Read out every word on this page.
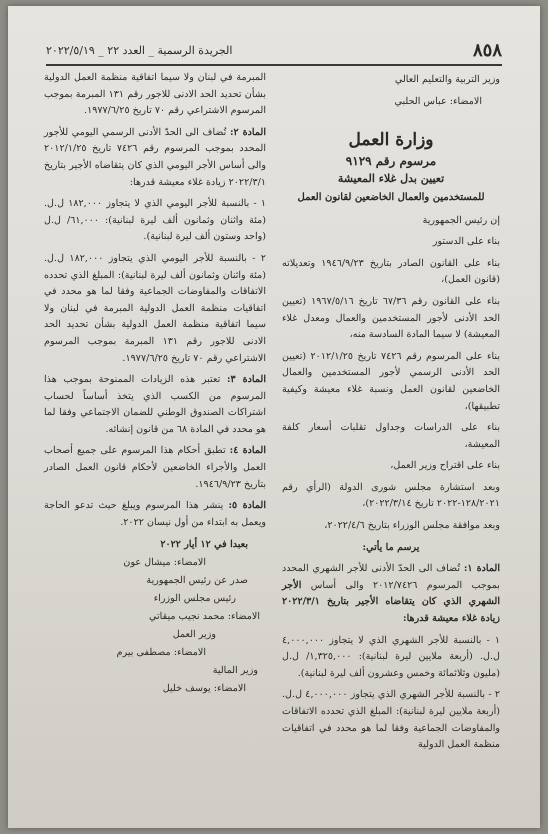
٨٥٨
الجريدة الرسمية _ العدد ٢٢ _ ٢٠٢٢/٥/١٩

وزير التربية والتعليم العالي

الامضاء: عباس الحلبي

وزارة العمل
مرسوم رقم ٩١٢٩
تعيين بدل غلاء المعيشة
للمستخدمين والعمال الخاضعين لقانون العمل

إن رئيس الجمهورية

بناء على الدستور

بناء على القانون الصادر بتاريخ ١٩٤٦/٩/٢٣ وتعديلاته (قانون العمل)،

بناء على القانون رقم ٦٧/٣٦ تاريخ ١٩٦٧/٥/١٦ (تعيين الحد الأدنى لأجور المستخدمين والعمال ومعدل غلاء المعيشة) لا سيما المادة السادسة منه،

بناء على المرسوم رقم ٧٤٢٦ تاريخ ٢٠١٢/١/٢٥ (تعيين الحد الأدنى الرسمي لأجور المستخدمين والعمال الخاضعين لقانون العمل ونسبة غلاء معيشة وكيفية تطبيقها)،

بناء على الدراسات وجداول تقلبات أسعار كلفة المعيشة،

بناء على اقتراح وزير العمل،

وبعد استشارة مجلس شورى الدولة (الرأي رقم ١٢٨/٢٠٢١-٢٠٢٢ تاريخ ٢٠٢٢/٣/١٤)،

وبعد موافقة مجلس الوزراء بتاريخ ٢٠٢٢/٤/٦،

يرسم ما يأتي:

المادة ١: تُضاف الى الحدّ الأدنى للأجر الشهري المحدد بموجب المرسوم ٢٠١٢/٧٤٢٦ والى أساس الأجر الشهري الذي كان يتقاضاه الأجير بتاريخ ٢٠٢٢/٣/١ زيادة غلاء معيشة قدرها:

١ - بالنسبة للأجر الشهري الذي لا يتجاوز ٤,٠٠٠,٠٠٠ ل.ل. (أربعة ملايين ليرة لبنانية): ١,٣٢٥,٠٠٠/ ل.ل (مليون وثلاثمائة وخمس وعشرون ألف ليرة لبنانية).

٢ - بالنسبة للأجر الشهري الذي يتجاوز ٤,٠٠٠,٠٠٠ ل.ل. (أربعة ملايين ليرة لبنانية): المبلغ الذي تحدده الاتفاقات والمفاوضات الجماعية وفقا لما هو محدد في اتفاقيات منظمة العمل الدولية

المبرمة في لبنان ولا سيما اتفاقية منظمة العمل الدولية بشأن تحديد الحد الادنى للاجور رقم ١٣١ المبرمة بموجب المرسوم الاشتراعي رقم ٧٠ تاريخ ١٩٧٧/٦/٢٥.

المادة ٢: تُضاف الى الحدّ الأدنى الرسمي اليومي للأجور المحدد بموجب المرسوم رقم ٧٤٢٦ تاريخ ٢٠١٢/١/٢٥ والى أساس الأجر اليومي الذي كان يتقاضاه الأجير بتاريخ ٢٠٢٢/٣/١ زيادة غلاء معيشة قدرها:

١ - بالنسبة للأجر اليومي الذي لا يتجاوز ١٨٢,٠٠٠ ل.ل. (مئة واثنان وثمانون ألف ليرة لبنانية): ٦١,٠٠٠/ ل.ل (واحد وستون ألف ليرة لبنانية).

٢ - بالنسبة للأجر اليومي الذي يتجاوز ١٨٢,٠٠٠ ل.ل. (مئة واثنان وثمانون ألف ليرة لبنانية): المبلغ الذي تحدده الاتفاقات والمفاوضات الجماعية وفقا لما هو محدد في اتفاقيات منظمة العمل الدولية المبرمة في لبنان ولا سيما اتفاقية منظمة العمل الدولية بشأن تحديد الحد الادنى للاجور رقم ١٣١ المبرمة بموجب المرسوم الاشتراعي رقم ٧٠ تاريخ ١٩٧٧/٦/٢٥.

المادة ٣: تعتبر هذه الزيادات الممنوحة بموجب هذا المرسوم من الكسب الذي يتخذ أساساً لحساب اشتراكات الصندوق الوطني للضمان الاجتماعي وفقا لما هو محدد في المادة ٦٨ من قانون إنشائه.

المادة ٤: تطبق أحكام هذا المرسوم على جميع أصحاب العمل والأجراء الخاضعين لأحكام قانون العمل الصادر بتاريخ ١٩٤٦/٩/٢٣.

المادة ٥: ينشر هذا المرسوم ويبلغ حيث تدعو الحاجة ويعمل به ابتداء من أول نيسان ٢٠٢٢.

بعبدا في ١٢ أيار ٢٠٢٢
الامضاء: ميشال عون
صدر عن رئيس الجمهورية
رئيس مجلس الوزراء
الامضاء: محمد نجيب ميقاتي
وزير العمل
الامضاء: مصطفى بيرم
وزير المالية
الامضاء: يوسف خليل
